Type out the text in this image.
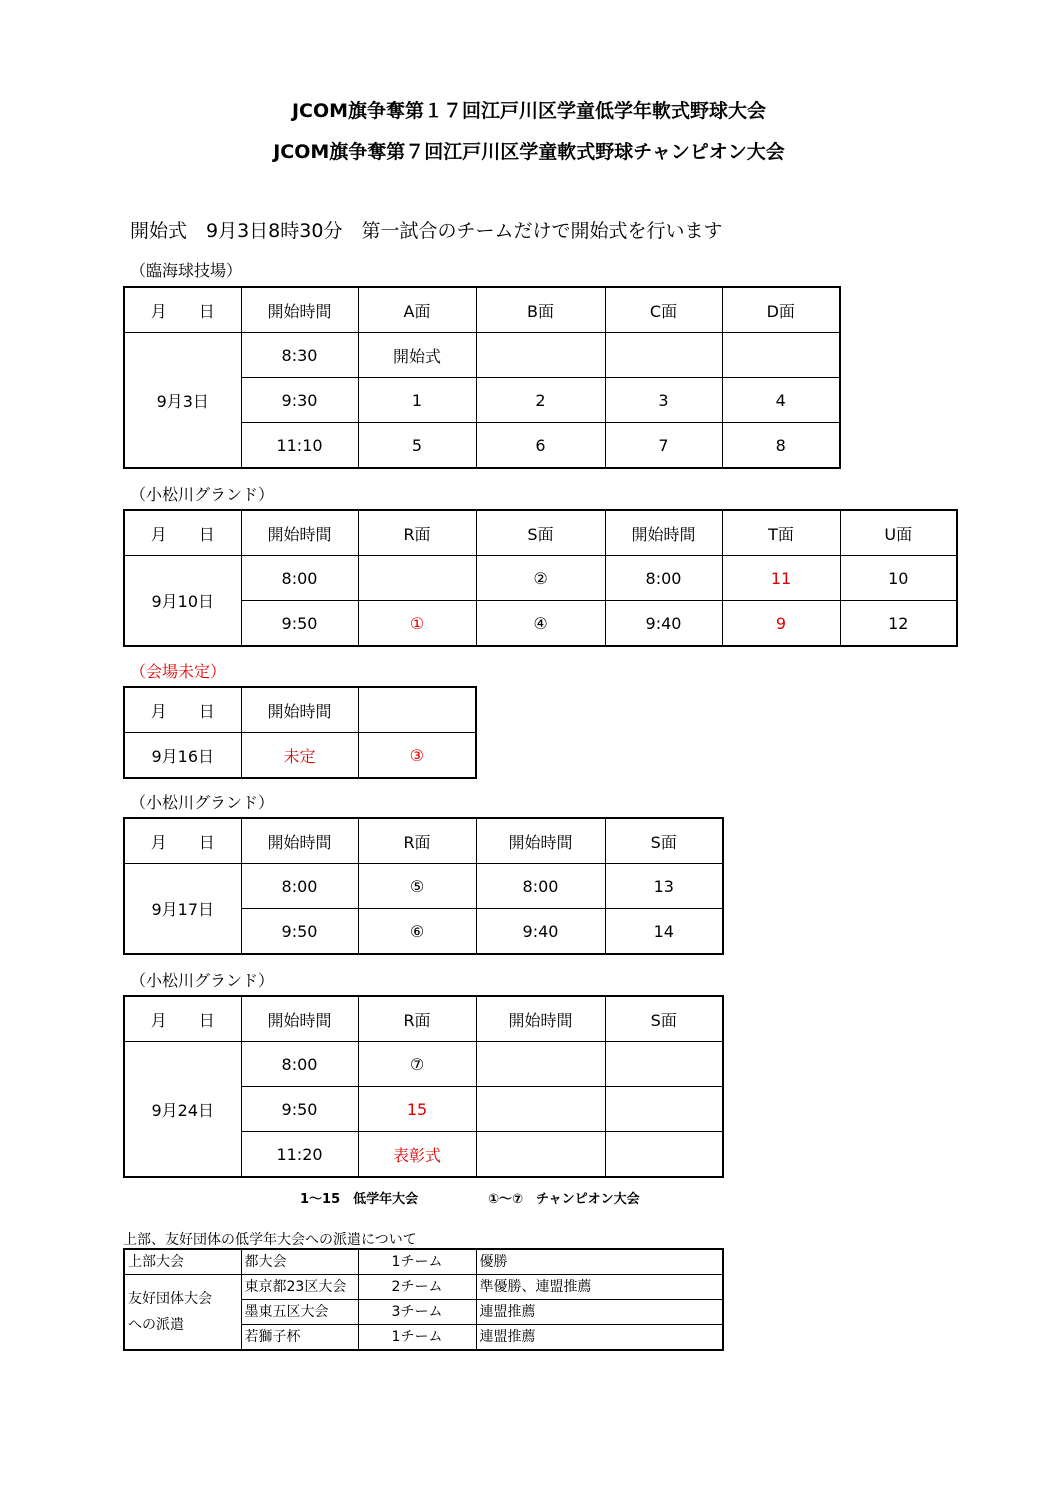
JCOM旗争奪第１７回江戸川区学童低学年軟式野球大会
JCOM旗争奪第７回江戸川区学童軟式野球チャンピオン大会
開始式　9月3日8時30分　第一試合のチームだけで開始式を行います
（臨海球技場）
月　　日	開始時間	A面	B面	C面	D面
9月3日	8:30	開始式			
	9:30	1	2	3	4
	11:10	5	6	7	8
（小松川グランド）
月　　日	開始時間	R面	S面	開始時間	T面	U面
9月10日	8:00		②	8:00	11	10
	9:50	①	④	9:40	9	12
（会場未定）
月　　日	開始時間	
9月16日	未定	③
（小松川グランド）
月　　日	開始時間	R面	開始時間	S面
9月17日	8:00	⑤	8:00	13
	9:50	⑥	9:40	14
（小松川グランド）
月　　日	開始時間	R面	開始時間	S面
9月24日	8:00	⑦		
	9:50	15		
	11:20	表彰式		
1～15　低学年大会	①～⑦　チャンピオン大会
上部、友好団体の低学年大会への派遣について
上部大会	都大会	1チーム	優勝

友好団体大会
への派遣	東京都23区大会	2チーム	準優勝、連盟推薦
	墨東五区大会	3チーム	連盟推薦
	若獅子杯	1チーム	連盟推薦
